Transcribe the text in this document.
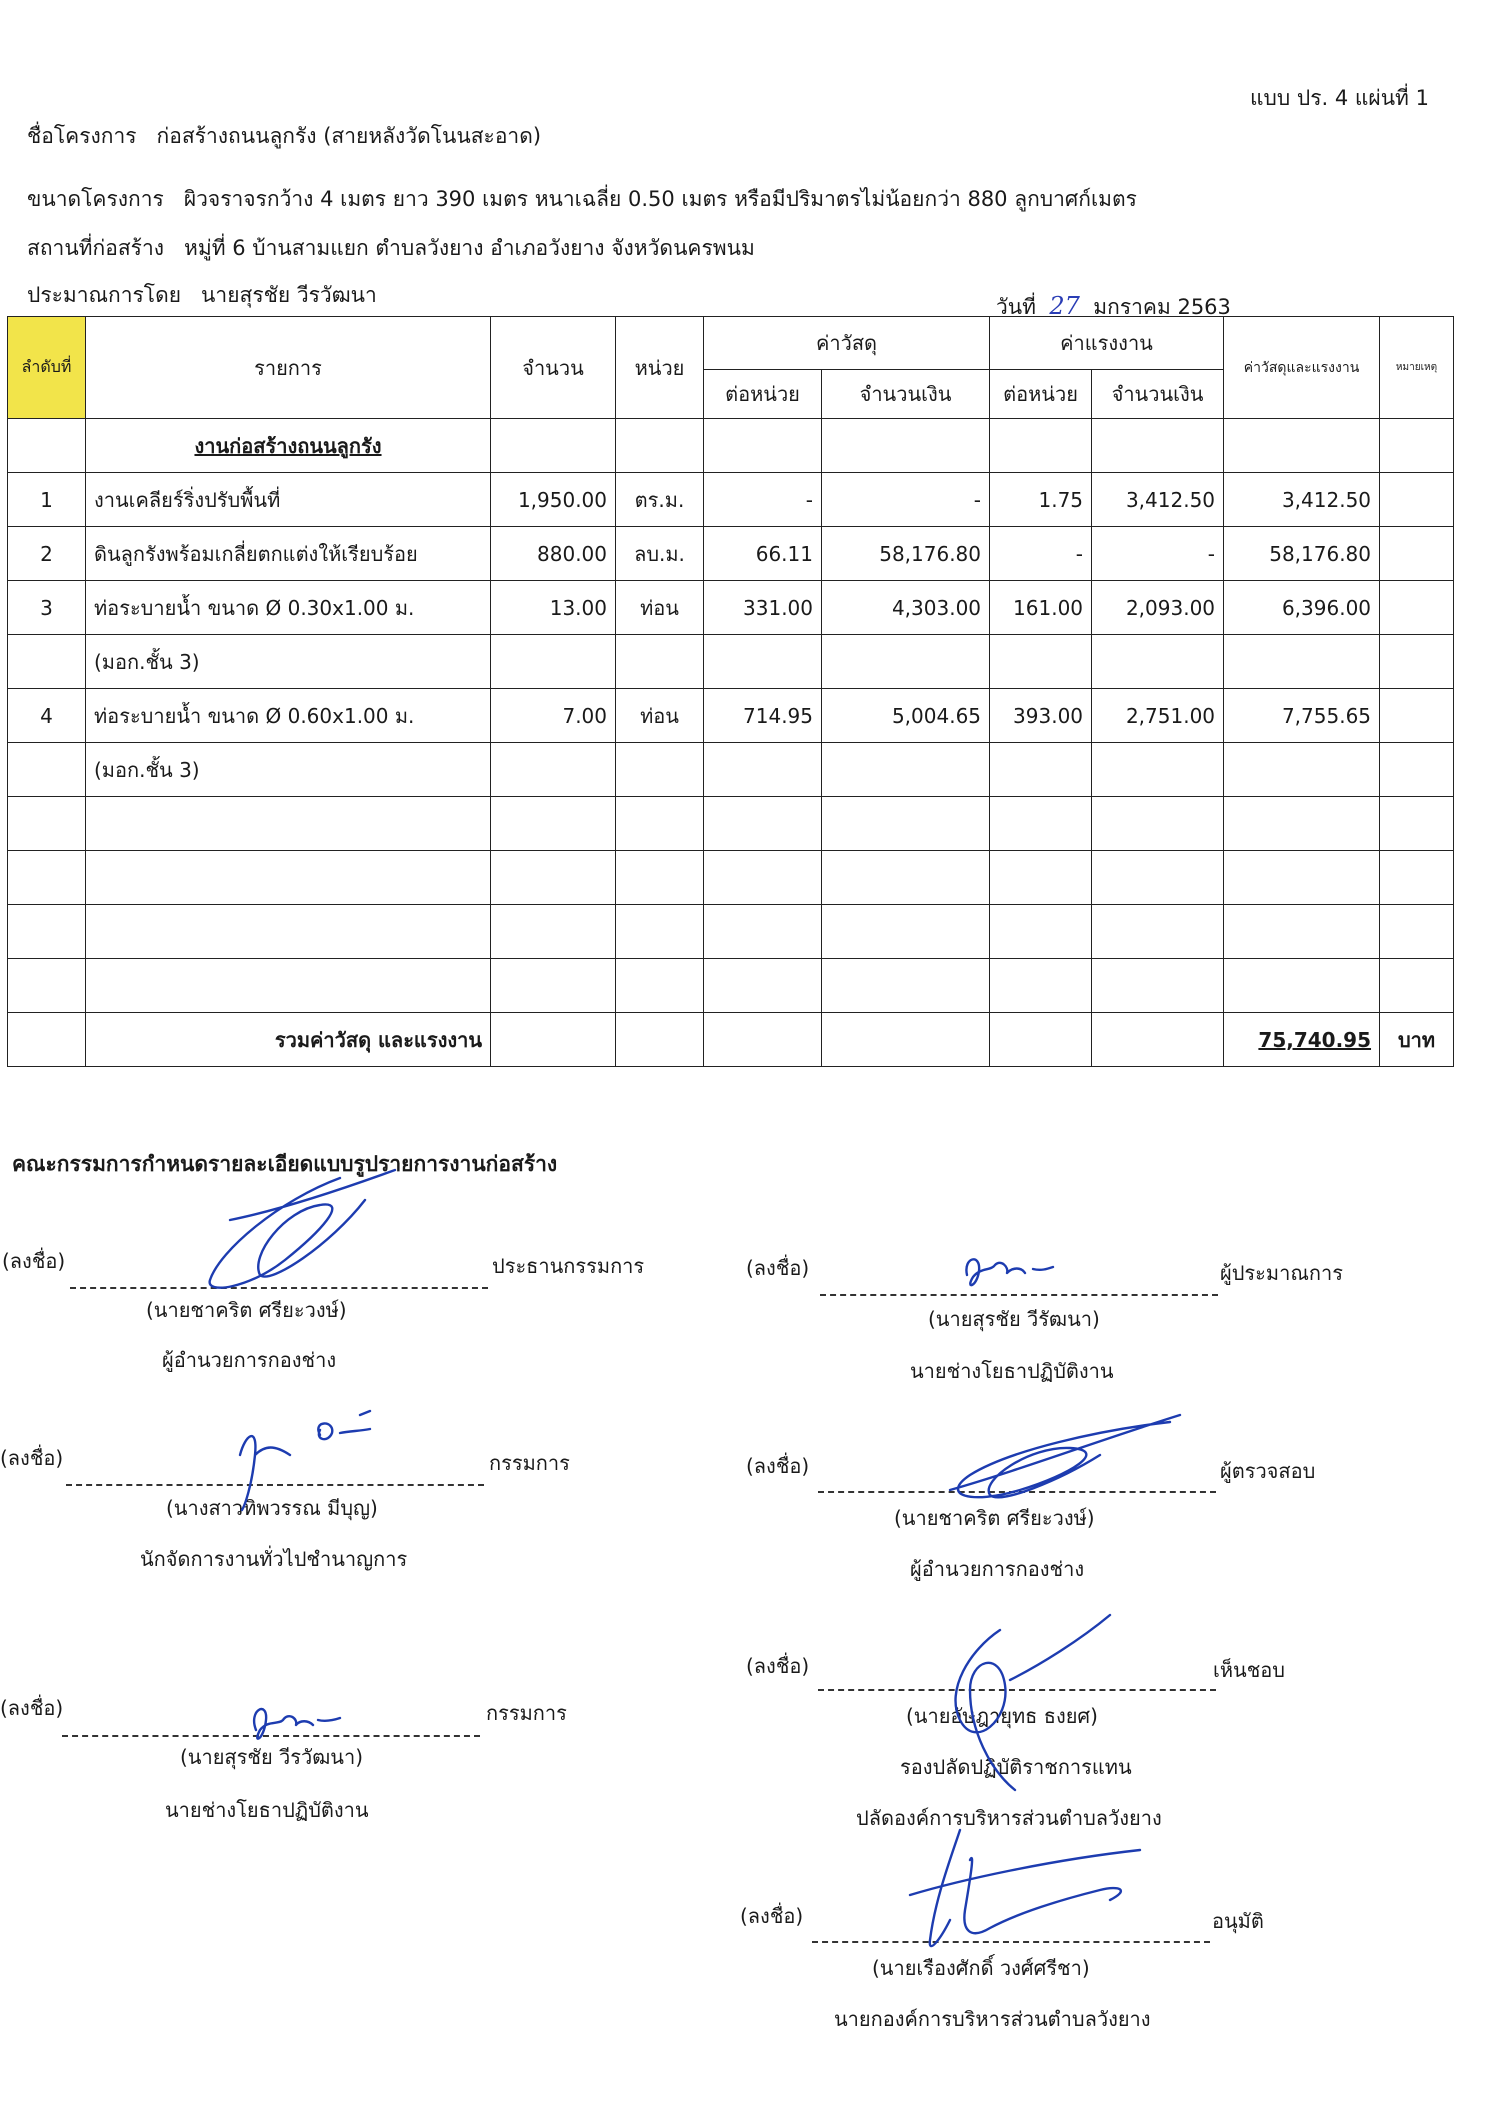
แบบ ปร. 4 แผ่นที่ 1
ชื่อโครงการ ก่อสร้างถนนลูกรัง (สายหลังวัดโนนสะอาด)
ขนาดโครงการ ผิวจราจรกว้าง 4 เมตร ยาว 390 เมตร หนาเฉลี่ย 0.50 เมตร หรือมีปริมาตรไม่น้อยกว่า 880 ลูกบาศก์เมตร
สถานที่ก่อสร้าง หมู่ที่ 6 บ้านสามแยก ตำบลวังยาง อำเภอวังยาง จังหวัดนครพนม
ประมาณการโดย นายสุรชัย วีรวัฒนา	วันที่ 27 มกราคม 2563
ลำดับที่	รายการ	จำนวน	หน่วย	ค่าวัสดุ		ค่าแรงงาน		ค่าวัสดุและแรงงาน	หมายเหตุ
				ต่อหน่วย	จำนวนเงิน	ต่อหน่วย	จำนวนเงิน		
	งานก่อสร้างถนนลูกรัง								
1	งานเคลียร์ริ่งปรับพื้นที่	1,950.00	ตร.ม.	-	-	1.75	3,412.50	3,412.50	
2	ดินลูกรังพร้อมเกลี่ยตกแต่งให้เรียบร้อย	880.00	ลบ.ม.	66.11	58,176.80	-	-	58,176.80	
3	ท่อระบายน้ำ ขนาด Ø 0.30x1.00 ม.	13.00	ท่อน	331.00	4,303.00	161.00	2,093.00	6,396.00	
	(มอก.ชั้น 3)								
4	ท่อระบายน้ำ ขนาด Ø 0.60x1.00 ม.	7.00	ท่อน	714.95	5,004.65	393.00	2,751.00	7,755.65	
	(มอก.ชั้น 3)								

	รวมค่าวัสดุ และแรงงาน							75,740.95	บาท
คณะกรรมการกำหนดรายละเอียดแบบรูปรายการงานก่อสร้าง
(ลงชื่อ)	ประธานกรรมการ
(นายชาคริต ศรียะวงษ์)
ผู้อำนวยการกองช่าง
(ลงชื่อ)	กรรมการ
(นางสาวทิพวรรณ มีบุญ)
นักจัดการงานทั่วไปชำนาญการ
(ลงชื่อ)	กรรมการ
(นายสุรชัย วีรวัฒนา)
นายช่างโยธาปฏิบัติงาน
(ลงชื่อ)	ผู้ประมาณการ
(นายสุรชัย วีรัฒนา)
นายช่างโยธาปฏิบัติงาน
(ลงชื่อ)	ผู้ตรวจสอบ
(นายชาคริต ศรียะวงษ์)
ผู้อำนวยการกองช่าง
(ลงชื่อ)	เห็นชอบ
(นายอัษฎายุทธ ธงยศ)
รองปลัดปฏิบัติราชการแทน
ปลัดองค์การบริหารส่วนตำบลวังยาง
(ลงชื่อ)	อนุมัติ
(นายเรืองศักดิ์ วงศ์ศรีชา)
นายกองค์การบริหารส่วนตำบลวังยาง
